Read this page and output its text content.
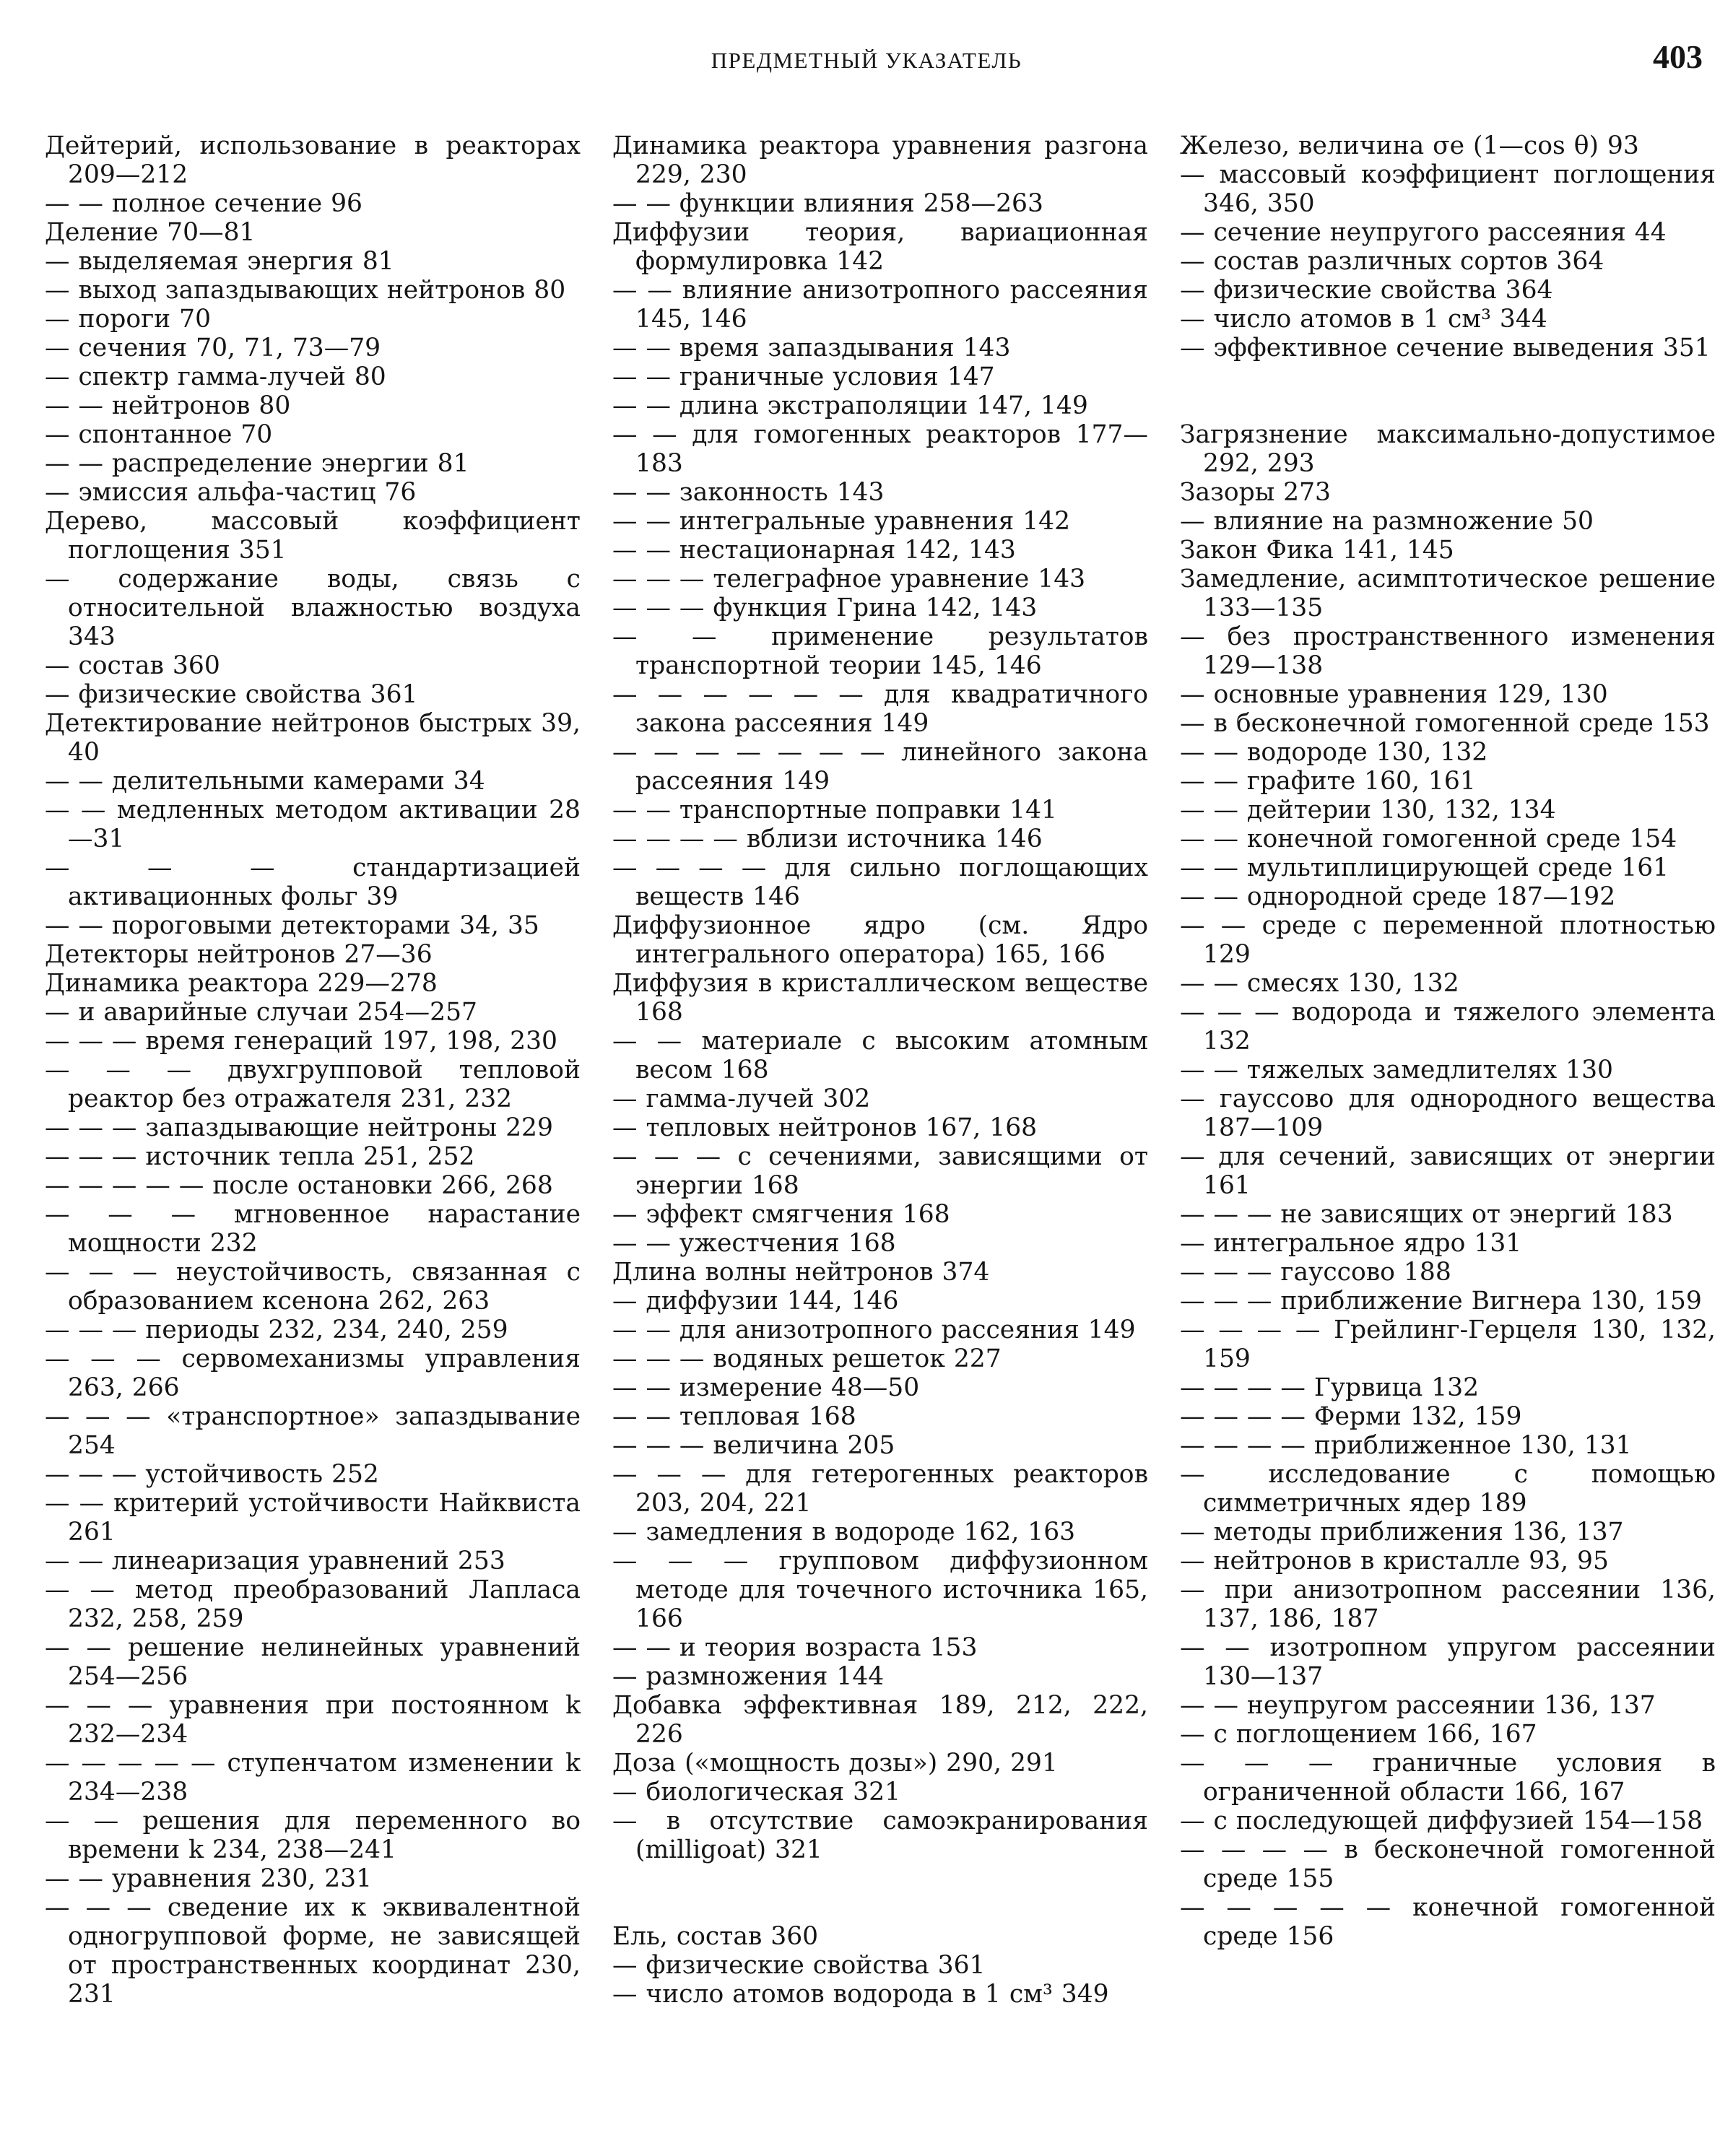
ПРЕДМЕТНЫЙ УКАЗАТЕЛЬ	403
Дейтерий, использование в реакторах 209—212
— — полное сечение 96
Деление 70—81
— выделяемая энергия 81
— выход запаздывающих нейтронов 80
— пороги 70
— сечения 70, 71, 73—79
— спектр гамма-лучей 80
— — нейтронов 80
— спонтанное 70
— — распределение энергии 81
— эмиссия альфа-частиц 76
Дерево, массовый коэффициент поглощения 351
— содержание воды, связь с относительной влажностью воздуха 343
— состав 360
— физические свойства 361
Детектирование нейтронов быстрых 39, 40
— — делительными камерами 34
— — медленных методом активации 28—31
— — — стандартизацией активационных фольг 39
— — пороговыми детекторами 34, 35
Детекторы нейтронов 27—36
Динамика реактора 229—278
— и аварийные случаи 254—257
— — — время генераций 197, 198, 230
— — — двухгрупповой тепловой реактор без отражателя 231, 232
— — — запаздывающие нейтроны 229
— — — источник тепла 251, 252
— — — — — после остановки 266, 268
— — — мгновенное нарастание мощности 232
— — — неустойчивость, связанная с образованием ксенона 262, 263
— — — периоды 232, 234, 240, 259
— — — сервомеханизмы управления 263, 266
— — — «транспортное» запаздывание 254
— — — устойчивость 252
— — критерий устойчивости Найквиста 261
— — линеаризация уравнений 253
— — метод преобразований Лапласа 232, 258, 259
— — решение нелинейных уравнений 254—256
— — — уравнения при постоянном k 232—234
— — — — — ступенчатом изменении k 234—238
— — решения для переменного во времени k 234, 238—241
— — уравнения 230, 231
— — — сведение их к эквивалентной одногрупповой форме, не зависящей от пространственных координат 230, 231
Динамика реактора уравнения разгона 229, 230
— — функции влияния 258—263
Диффузии теория, вариационная формулировка 142
— — влияние анизотропного рассеяния 145, 146
— — время запаздывания 143
— — граничные условия 147
— — длина экстраполяции 147, 149
— — для гомогенных реакторов 177—183
— — законность 143
— — интегральные уравнения 142
— — нестационарная 142, 143
— — — телеграфное уравнение 143
— — — функция Грина 142, 143
— — применение результатов транспортной теории 145, 146
— — — — — — для квадратичного закона рассеяния 149
— — — — — — — линейного закона рассеяния 149
— — транспортные поправки 141
— — — — вблизи источника 146
— — — — для сильно поглощающих веществ 146
Диффузионное ядро (см. Ядро интегрального оператора) 165, 166
Диффузия в кристаллическом веществе 168
— — материале с высоким атомным весом 168
— гамма-лучей 302
— тепловых нейтронов 167, 168
— — — с сечениями, зависящими от энергии 168
— эффект смягчения 168
— — ужестчения 168
Длина волны нейтронов 374
— диффузии 144, 146
— — для анизотропного рассеяния 149
— — — водяных решеток 227
— — измерение 48—50
— — тепловая 168
— — — величина 205
— — — для гетерогенных реакторов 203, 204, 221
— замедления в водороде 162, 163
— — — групповом диффузионном методе для точечного источника 165, 166
— — и теория возраста 153
— размножения 144
Добавка эффективная 189, 212, 222, 226
Доза («мощность дозы») 290, 291
— биологическая 321
— в отсутствие самоэкранирования (milligoat) 321
Ель, состав 360
— физические свойства 361
— число атомов водорода в 1 см³ 349
Железо, величина σe (1—cos θ) 93
— массовый коэффициент поглощения 346, 350
— сечение неупругого рассеяния 44
— состав различных сортов 364
— физические свойства 364
— число атомов в 1 см³ 344
— эффективное сечение выведения 351
Загрязнение максимально-допустимое 292, 293
Зазоры 273
— влияние на размножение 50
Закон Фика 141, 145
Замедление, асимптотическое решение 133—135
— без пространственного изменения 129—138
— основные уравнения 129, 130
— в бесконечной гомогенной среде 153
— — водороде 130, 132
— — графите 160, 161
— — дейтерии 130, 132, 134
— — конечной гомогенной среде 154
— — мультиплицирующей среде 161
— — однородной среде 187—192
— — среде с переменной плотностью 129
— — смесях 130, 132
— — — водорода и тяжелого элемента 132
— — тяжелых замедлителях 130
— гауссово для однородного вещества 187—109
— для сечений, зависящих от энергии 161
— — — не зависящих от энергий 183
— интегральное ядро 131
— — — гауссово 188
— — — приближение Вигнера 130, 159
— — — — Грейлинг-Герцеля 130, 132, 159
— — — — Гурвица 132
— — — — Ферми 132, 159
— — — — приближенное 130, 131
— исследование с помощью симметричных ядер 189
— методы приближения 136, 137
— нейтронов в кристалле 93, 95
— при анизотропном рассеянии 136, 137, 186, 187
— — изотропном упругом рассеянии 130—137
— — неупругом рассеянии 136, 137
— с поглощением 166, 167
— — — граничные условия в ограниченной области 166, 167
— с последующей диффузией 154—158
— — — — в бесконечной гомогенной среде 155
— — — — — конечной гомогенной среде 156
